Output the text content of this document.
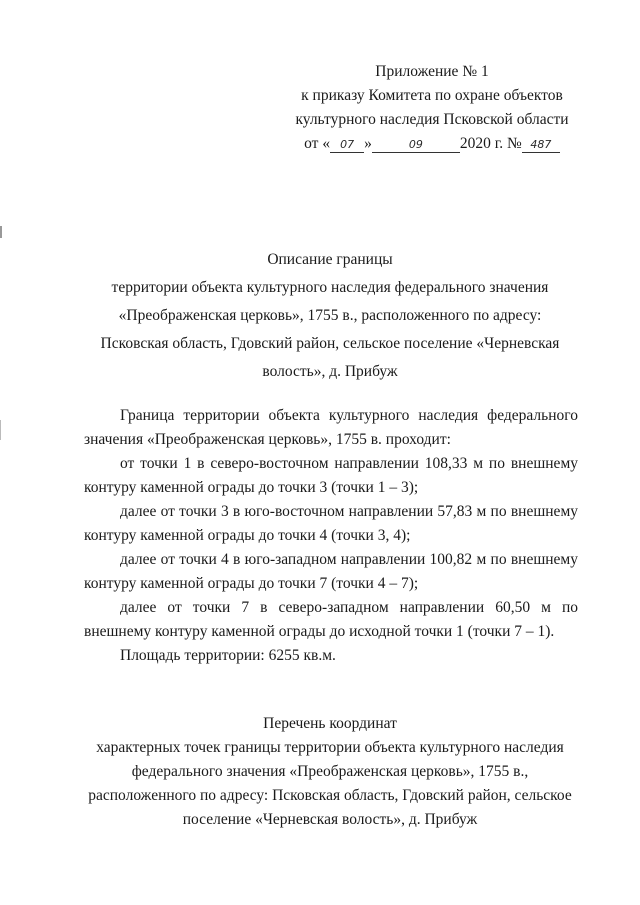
Приложение № 1
к приказу Комитета по охране объектов
культурного наследия Псковской области
от « 07 »	09 2020 г. № 487
Описание границы
территории объекта культурного наследия федерального значения
«Преображенская церковь», 1755 в., расположенного по адресу:
Псковская область, Гдовский район, сельское поселение «Черневская
волость», д. Прибуж

Граница территории объекта культурного наследия федерального значения «Преображенская церковь», 1755 в. проходит:

от точки 1 в северо-восточном направлении 108,33 м по внешнему контуру каменной ограды до точки 3 (точки 1 – 3);

далее от точки 3 в юго-восточном направлении 57,83 м по внешнему контуру каменной ограды до точки 4 (точки 3, 4);

далее от точки 4 в юго-западном направлении 100,82 м по внешнему контуру каменной ограды до точки 7 (точки 4 – 7);

далее от точки 7 в северо-западном направлении 60,50 м по внешнему контуру каменной ограды до исходной точки 1 (точки 7 – 1).

Площадь территории: 6255 кв.м.

Перечень координат
характерных точек границы территории объекта культурного наследия
федерального значения «Преображенская церковь», 1755 в.,
расположенного по адресу: Псковская область, Гдовский район, сельское
поселение «Черневская волость», д. Прибуж
